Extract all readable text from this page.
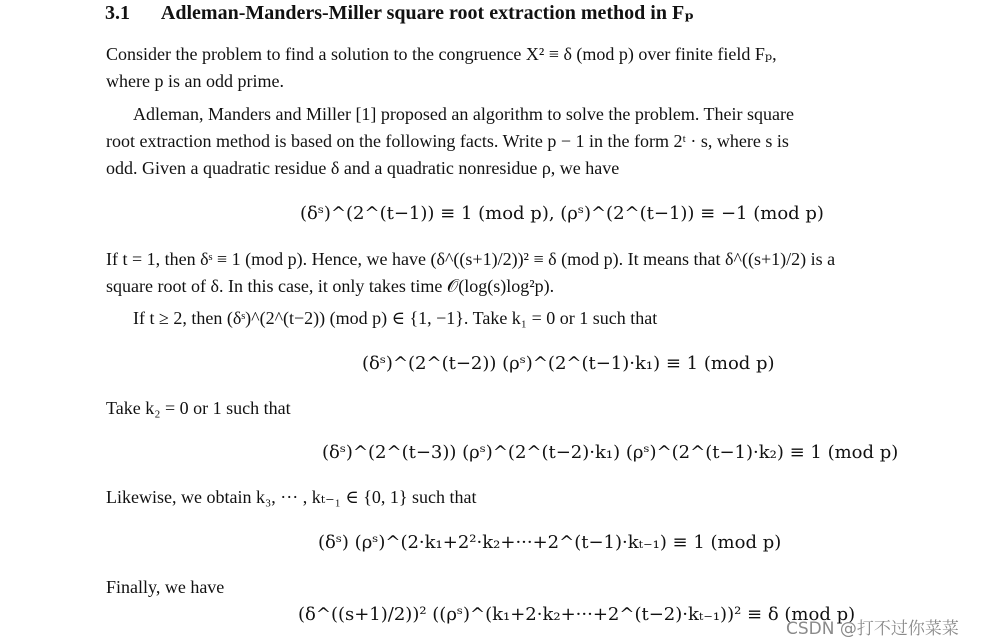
3.1 Adleman-Manders-Miller square root extraction method in Fₚ
Consider the problem to find a solution to the congruence X² ≡ δ (mod p) over finite field Fₚ,
where p is an odd prime.
Adleman, Manders and Miller [1] proposed an algorithm to solve the problem. Their square
root extraction method is based on the following facts. Write p − 1 in the form 2ᵗ · s, where s is
odd. Given a quadratic residue δ and a quadratic nonresidue ρ, we have
(δˢ)^(2^(t−1)) ≡ 1 (mod p), (ρˢ)^(2^(t−1)) ≡ −1 (mod p)
If t = 1, then δˢ ≡ 1 (mod p). Hence, we have (δ^((s+1)/2))² ≡ δ (mod p). It means that δ^((s+1)/2) is a
square root of δ. In this case, it only takes time 𝒪(log(s)log²p).
If t ≥ 2, then (δˢ)^(2^(t−2)) (mod p) ∈ {1, −1}. Take k₁ = 0 or 1 such that
(δˢ)^(2^(t−2)) (ρˢ)^(2^(t−1)·k₁) ≡ 1 (mod p)
Take k₂ = 0 or 1 such that
(δˢ)^(2^(t−3)) (ρˢ)^(2^(t−2)·k₁) (ρˢ)^(2^(t−1)·k₂) ≡ 1 (mod p)
Likewise, we obtain k₃, ··· , kₜ₋₁ ∈ {0, 1} such that
(δˢ) (ρˢ)^(2·k₁+2²·k₂+···+2^(t−1)·kₜ₋₁) ≡ 1 (mod p)
Finally, we have
(δ^((s+1)/2))² ((ρˢ)^(k₁+2·k₂+···+2^(t−2)·kₜ₋₁))² ≡ δ (mod p)
CSDN @打不过你菜菜
